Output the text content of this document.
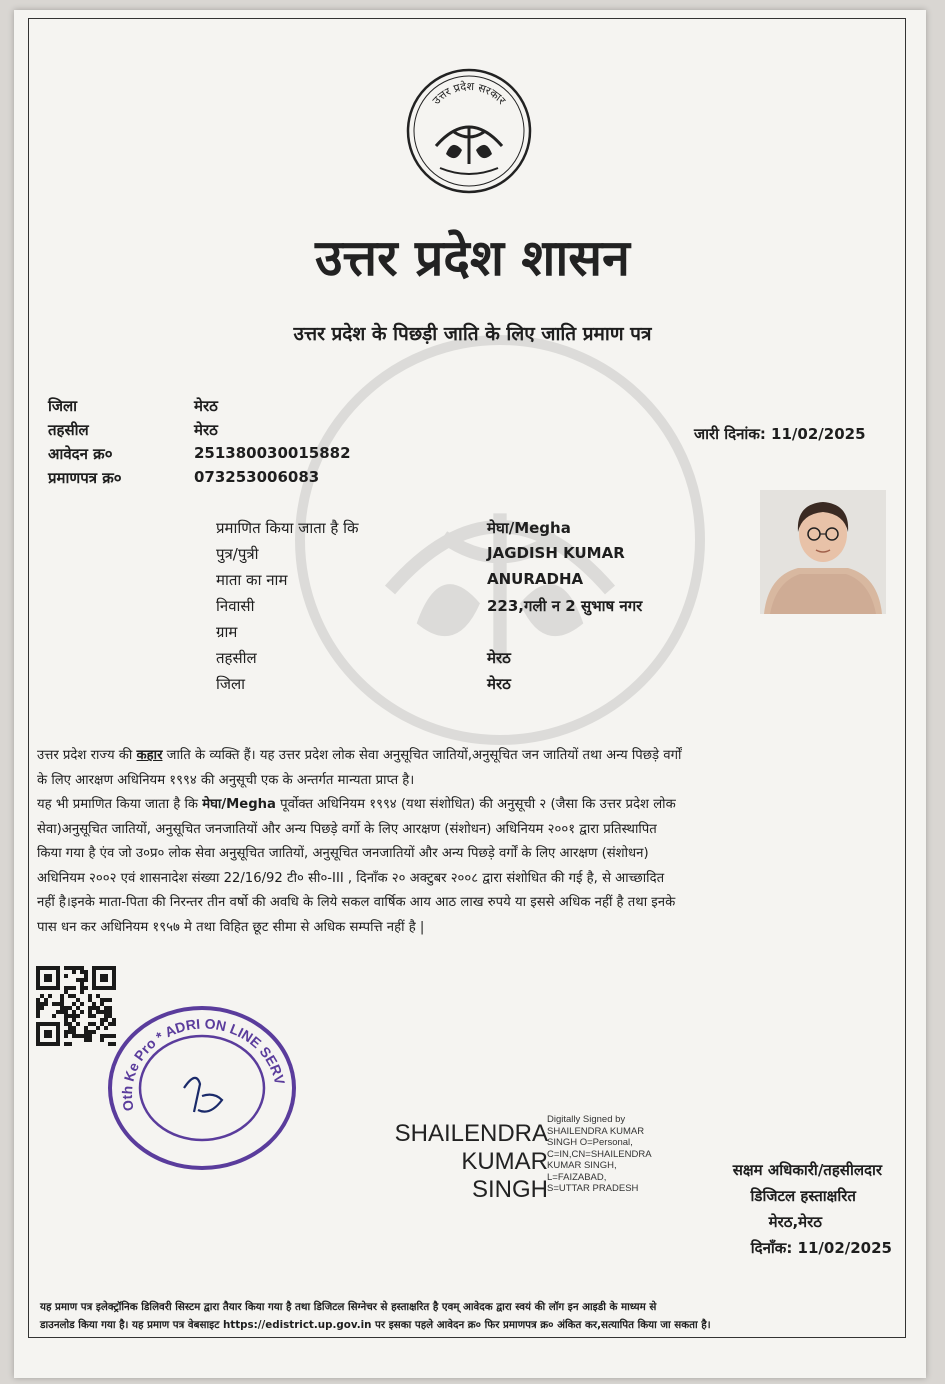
उत्तर प्रदेश सरकार
उत्तर प्रदेश शासन
उत्तर प्रदेश के पिछड़ी जाति के लिए जाति प्रमाण पत्र
जिला	मेरठ
तहसील	मेरठ
आवेदन क्र०	251380030015882
प्रमाणपत्र क्र०	073253006083
जारी दिनांक: 11/02/2025
प्रमाणित किया जाता है कि	मेघा/Megha
पुत्र/पुत्री	JAGDISH KUMAR
माता का नाम	ANURADHA
निवासी	223,गली न 2 सुभाष नगर
ग्राम
तहसील	मेरठ
जिला	मेरठ
उत्तर प्रदेश राज्य की कहार जाति के व्यक्ति हैं। यह उत्तर प्रदेश लोक सेवा अनुसूचित जातियों,अनुसूचित जन जातियों तथा अन्य पिछड़े वर्गों
के लिए आरक्षण अधिनियम १९९४ की अनुसूची एक के अन्तर्गत मान्यता प्राप्त है।
यह भी प्रमाणित किया जाता है कि मेघा/Megha पूर्वोक्त अधिनियम १९९४ (यथा संशोधित) की अनुसूची २ (जैसा कि उत्तर प्रदेश लोक
सेवा)अनुसूचित जातियों, अनुसूचित जनजातियों और अन्य पिछड़े वर्गो के लिए आरक्षण (संशोधन) अधिनियम २००१ द्वारा प्रतिस्थापित
किया गया है एंव जो उ०प्र० लोक सेवा अनुसूचित जातियों, अनुसूचित जनजातियों और अन्य पिछड़े वर्गों के लिए आरक्षण (संशोधन)
अधिनियम २००२ एवं शासनादेश संख्या 22/16/92 टी० सी०-III , दिनाँक २० अक्टुबर २००८ द्वारा संशोधित की गई है, से आच्छादित
नहीं है।इनके माता-पिता की निरन्तर तीन वर्षो की अवधि के लिये सकल वार्षिक आय आठ लाख रुपये या इससे अधिक नहीं है तथा इनके
पास धन कर अधिनियम १९५७ मे तथा विहित छूट सीमा से अधिक सम्पत्ति नहीं है |
Oth Ke Pro * ADRI ON LINE SERV
SHAILENDRA
KUMAR
SINGH
Digitally Signed by
SHAILENDRA KUMAR
SINGH O=Personal,
C=IN,CN=SHAILENDRA
KUMAR SINGH,
L=FAIZABAD,
S=UTTAR PRADESH
सक्षम अधिकारी/तहसीलदार
डिजिटल हस्ताक्षरित
मेरठ,मेरठ
दिनाँक: 11/02/2025
यह प्रमाण पत्र इलेक्ट्रॉनिक डिलिवरी सिस्टम द्वारा तैयार किया गया है तथा डिजिटल सिग्नेचर से हस्ताक्षरित है एवम् आवेदक द्वारा स्वयं की लॉग इन आइडी के माध्यम से
डाउनलोड किया गया है। यह प्रमाण पत्र वेबसाइट https://edistrict.up.gov.in पर इसका पहले आवेदन क्र० फिर प्रमाणपत्र क्र० अंकित कर,सत्यापित किया जा सकता है।
